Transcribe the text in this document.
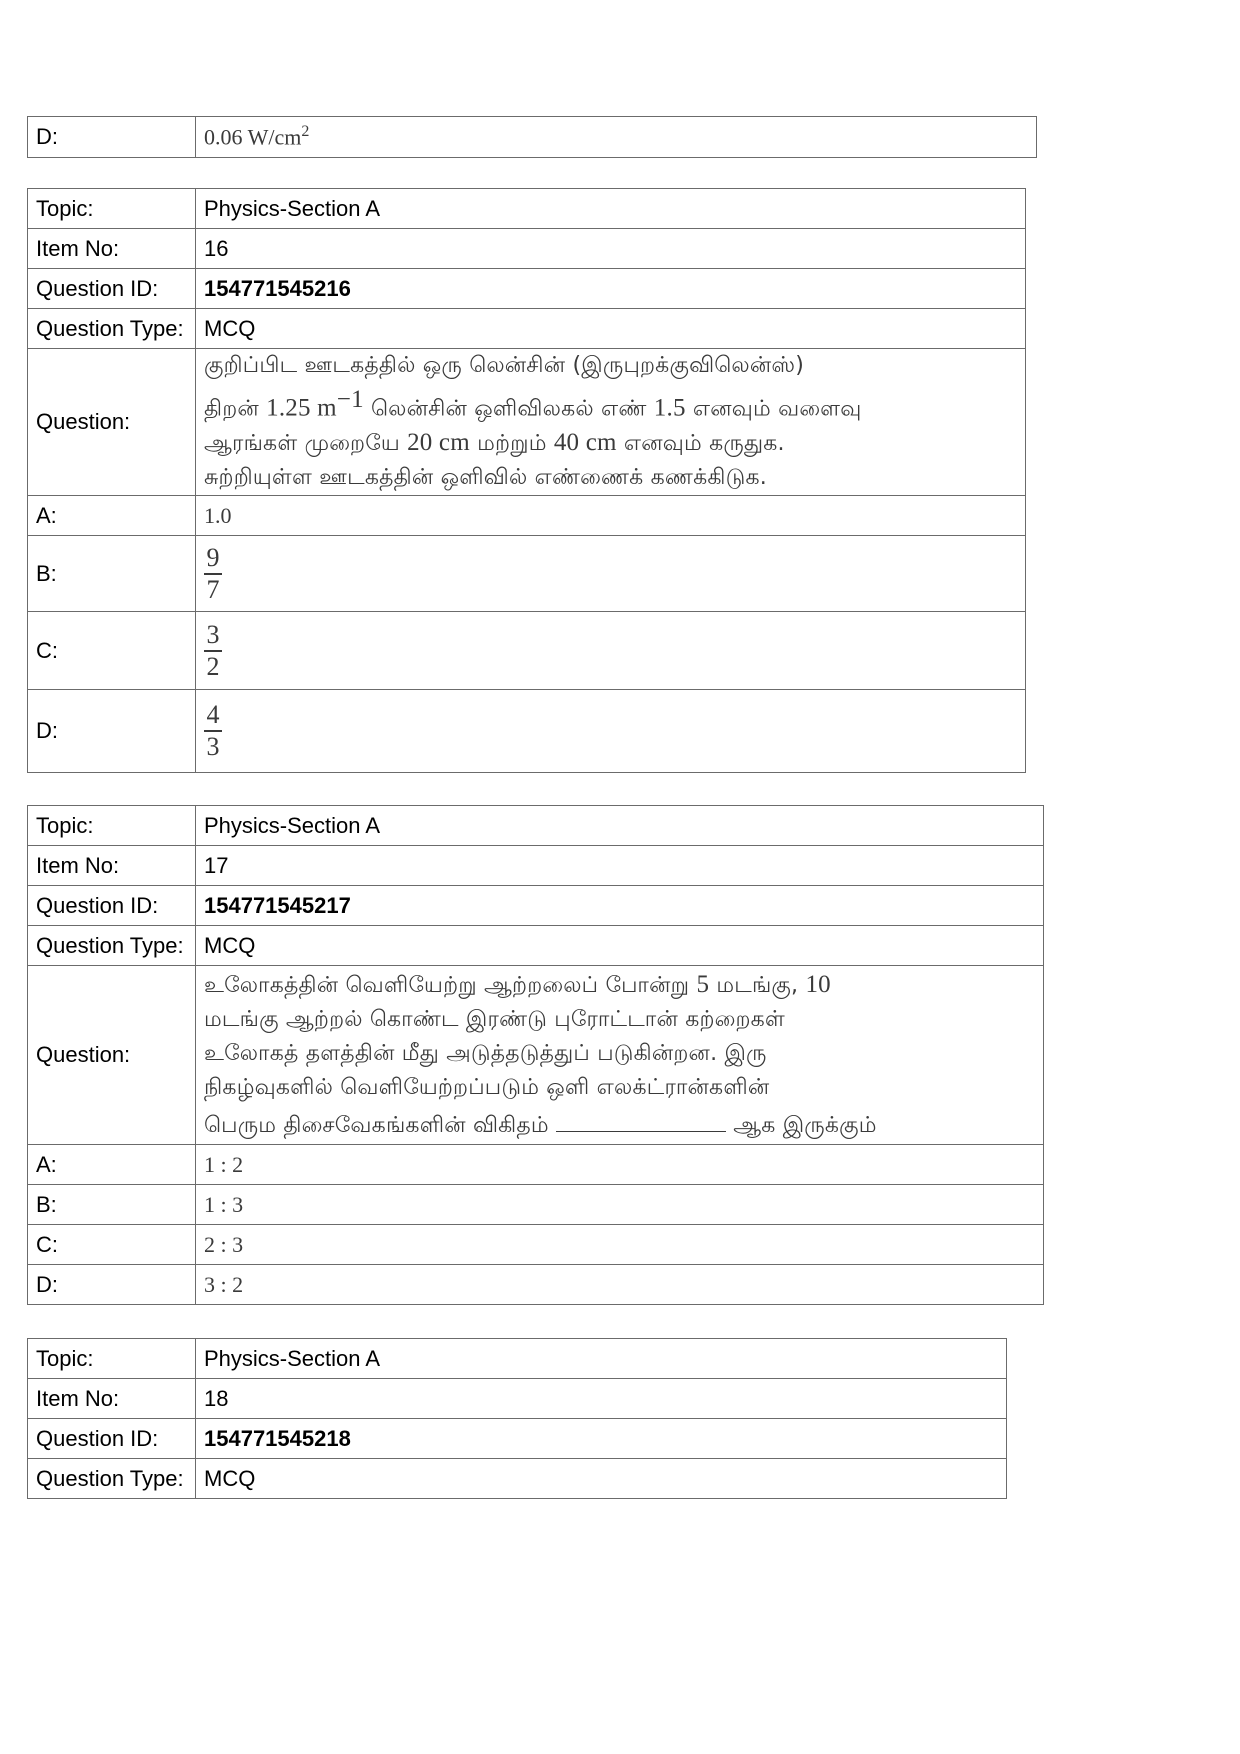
D:	0.06 $W/cm^2$
Topic:	Physics-Section A
Item No:	16
Question ID:	154771545216
Question Type:	MCQ
Question:	குறிப்பிட ஊடகத்தில் ஒரு லென்சின் (இருபுறக்குவிலென்ஸ்)
திறன் 1.25 $m^{-1}$ லென்சின் ஒளிவிலகல் எண் 1.5 எனவும் வளைவு
ஆரங்கள் முறையே 20 cm மற்றும் 40 cm எனவும் கருதுக.
சுற்றியுள்ள ஊடகத்தின் ஒளிவில் எண்ணைக் கணக்கிடுக.

A:	1.0
B:	$\frac{9}{7}$

C:	$\frac{3}{2}$

D:	$\frac{4}{3}$
Topic:	Physics-Section A
Item No:	17
Question ID:	154771545217
Question Type:	MCQ
Question:	உலோகத்தின் வெளியேற்று ஆற்றலைப் போன்று 5 மடங்கு, 10
மடங்கு ஆற்றல் கொண்ட இரண்டு புரோட்டான் கற்றைகள்
உலோகத் தளத்தின் மீது அடுத்தடுத்துப் படுகின்றன. இரு
நிகழ்வுகளில் வெளியேற்றப்படும் ஒளி எலக்ட்ரான்களின்
பெரும திசைவேகங்களின் விகிதம் ஆக இருக்கும்

A:	1 : 2
B:	1 : 3
C:	2 : 3
D:	3 : 2
Topic:	Physics-Section A
Item No:	18
Question ID:	154771545218
Question Type:	MCQ
